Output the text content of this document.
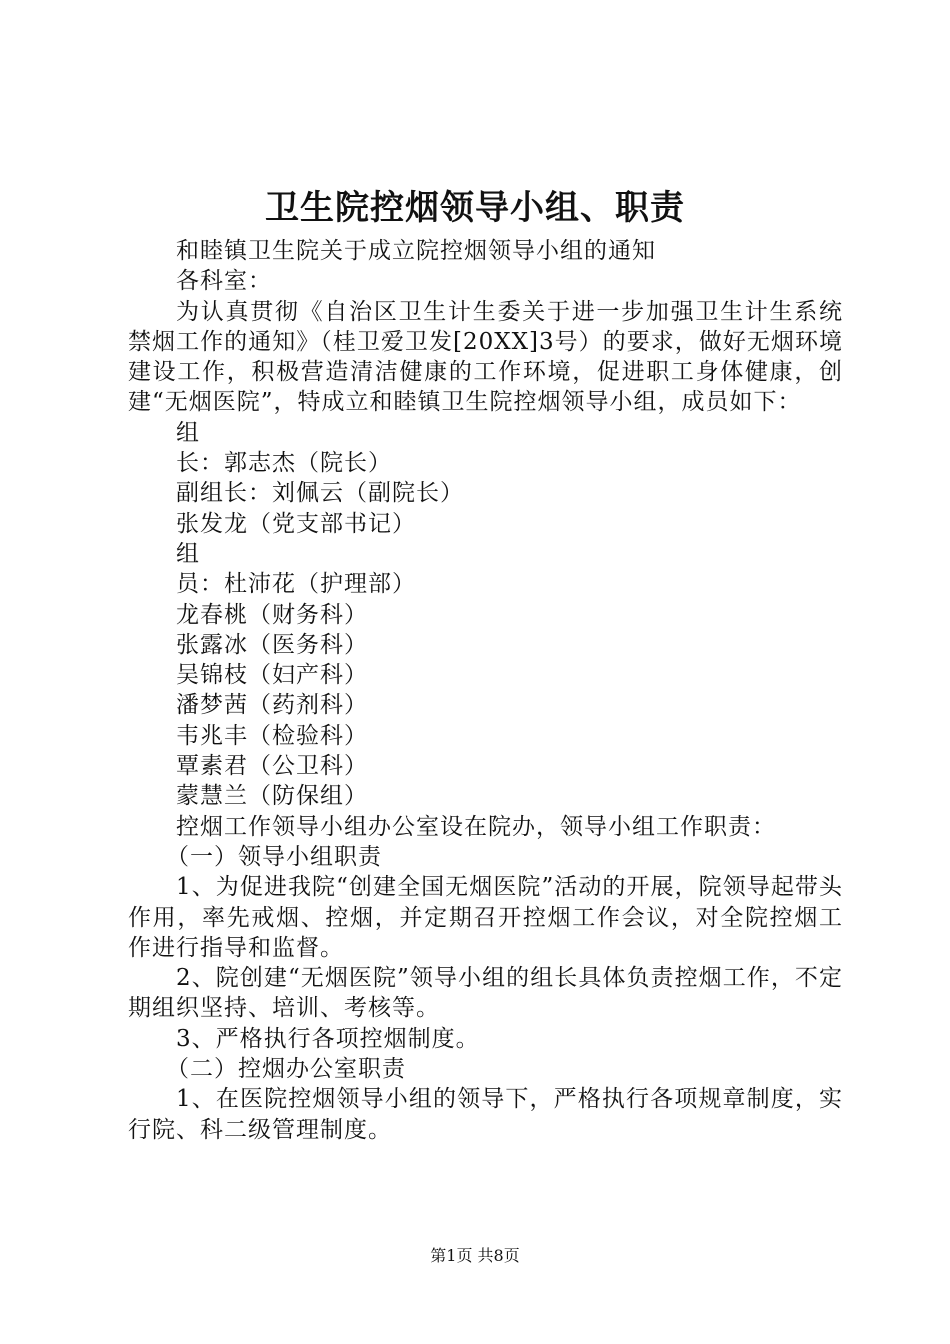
卫生院控烟领导小组、职责

和睦镇卫生院关于成立院控烟领导小组的通知

各科室：

为认真贯彻《自治区卫生计生委关于进一步加强卫生计生系统禁烟工作的通知》（桂卫爱卫发[20XX]3号）的要求，做好无烟环境建设工作，积极营造清洁健康的工作环境，促进职工身体健康，创建“无烟医院”，特成立和睦镇卫生院控烟领导小组，成员如下：

组

长：郭志杰（院长）

副组长：刘佩云（副院长）

张发龙（党支部书记）

组

员：杜沛花（护理部）

龙春桃（财务科）

张露冰（医务科）

吴锦枝（妇产科）

潘梦茜（药剂科）

韦兆丰（检验科）

覃素君（公卫科）

蒙慧兰（防保组）

控烟工作领导小组办公室设在院办，领导小组工作职责：

（一）领导小组职责

1、为促进我院“创建全国无烟医院”活动的开展，院领导起带头作用，率先戒烟、控烟，并定期召开控烟工作会议，对全院控烟工作进行指导和监督。

2、院创建“无烟医院”领导小组的组长具体负责控烟工作，不定期组织坚持、培训、考核等。

3、严格执行各项控烟制度。

（二）控烟办公室职责

1、在医院控烟领导小组的领导下，严格执行各项规章制度，实行院、科二级管理制度。

第1页 共8页
